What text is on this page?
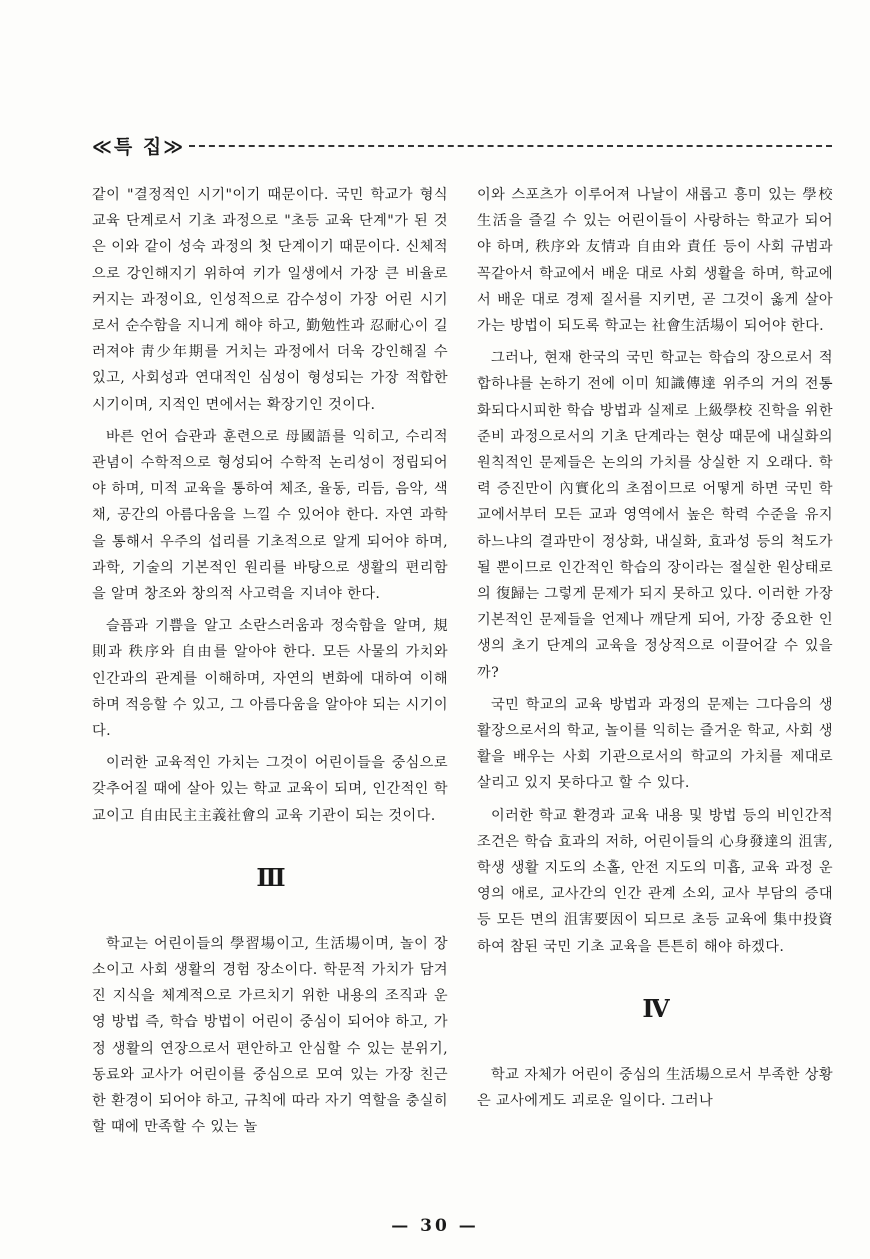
≪특 집≫

같이 "결정적인 시기"이기 때문이다. 국민 학교가 형식 교육 단계로서 기초 과정으로 "초등 교육 단계"가 된 것은 이와 같이 성숙 과정의 첫 단계이기 때문이다. 신체적으로 강인해지기 위하여 키가 일생에서 가장 큰 비율로 커지는 과정이요, 인성적으로 감수성이 가장 어린 시기로서 순수함을 지니게 해야 하고, 勤勉性과 忍耐心이 길러져야 靑少年期를 거치는 과정에서 더욱 강인해질 수 있고, 사회성과 연대적인 심성이 형성되는 가장 적합한 시기이며, 지적인 면에서는 확장기인 것이다.

바른 언어 습관과 훈련으로 母國語를 익히고, 수리적 관념이 수학적으로 형성되어 수학적 논리성이 정립되어야 하며, 미적 교육을 통하여 체조, 율동, 리듬, 음악, 색채, 공간의 아름다움을 느낄 수 있어야 한다. 자연 과학을 통해서 우주의 섭리를 기초적으로 알게 되어야 하며, 과학, 기술의 기본적인 원리를 바탕으로 생활의 편리함을 알며 창조와 창의적 사고력을 지녀야 한다.

슬픔과 기쁨을 알고 소란스러움과 정숙함을 알며, 規則과 秩序와 自由를 알아야 한다. 모든 사물의 가치와 인간과의 관계를 이해하며, 자연의 변화에 대하여 이해하며 적응할 수 있고, 그 아름다움을 알아야 되는 시기이다.

이러한 교육적인 가치는 그것이 어린이들을 중심으로 갖추어질 때에 살아 있는 학교 교육이 되며, 인간적인 학교이고 自由民主主義社會의 교육 기관이 되는 것이다.

Ⅲ

학교는 어린이들의 學習場이고, 生活場이며, 놀이 장소이고 사회 생활의 경험 장소이다. 학문적 가치가 담겨진 지식을 체계적으로 가르치기 위한 내용의 조직과 운영 방법 즉, 학습 방법이 어린이 중심이 되어야 하고, 가정 생활의 연장으로서 편안하고 안심할 수 있는 분위기, 동료와 교사가 어린이를 중심으로 모여 있는 가장 친근한 환경이 되어야 하고, 규칙에 따라 자기 역할을 충실히 할 때에 만족할 수 있는 놀

이와 스포츠가 이루어져 나날이 새롭고 흥미 있는 學校生活을 즐길 수 있는 어린이들이 사랑하는 학교가 되어야 하며, 秩序와 友情과 自由와 責任 등이 사회 규범과 꼭같아서 학교에서 배운 대로 사회 생활을 하며, 학교에서 배운 대로 경제 질서를 지키면, 곧 그것이 옳게 살아가는 방법이 되도록 학교는 社會生活場이 되어야 한다.

그러나, 현재 한국의 국민 학교는 학습의 장으로서 적합하냐를 논하기 전에 이미 知識傳達 위주의 거의 전통화되다시피한 학습 방법과 실제로 上級學校 진학을 위한 준비 과정으로서의 기초 단계라는 현상 때문에 내실화의 원칙적인 문제들은 논의의 가치를 상실한 지 오래다. 학력 증진만이 內實化의 초점이므로 어떻게 하면 국민 학교에서부터 모든 교과 영역에서 높은 학력 수준을 유지하느냐의 결과만이 정상화, 내실화, 효과성 등의 척도가 될 뿐이므로 인간적인 학습의 장이라는 절실한 원상태로의 復歸는 그렇게 문제가 되지 못하고 있다. 이러한 가장 기본적인 문제들을 언제나 깨닫게 되어, 가장 중요한 인생의 초기 단계의 교육을 정상적으로 이끌어갈 수 있을까?

국민 학교의 교육 방법과 과정의 문제는 그다음의 생활장으로서의 학교, 놀이를 익히는 즐거운 학교, 사회 생활을 배우는 사회 기관으로서의 학교의 가치를 제대로 살리고 있지 못하다고 할 수 있다.

이러한 학교 환경과 교육 내용 및 방법 등의 비인간적 조건은 학습 효과의 저하, 어린이들의 心身發達의 沮害, 학생 생활 지도의 소홀, 안전 지도의 미흡, 교육 과정 운영의 애로, 교사간의 인간 관계 소외, 교사 부담의 증대 등 모든 면의 沮害要因이 되므로 초등 교육에 集中投資하여 참된 국민 기초 교육을 튼튼히 해야 하겠다.

Ⅳ

학교 자체가 어린이 중심의 生活場으로서 부족한 상황은 교사에게도 괴로운 일이다. 그러나

— 30 —
